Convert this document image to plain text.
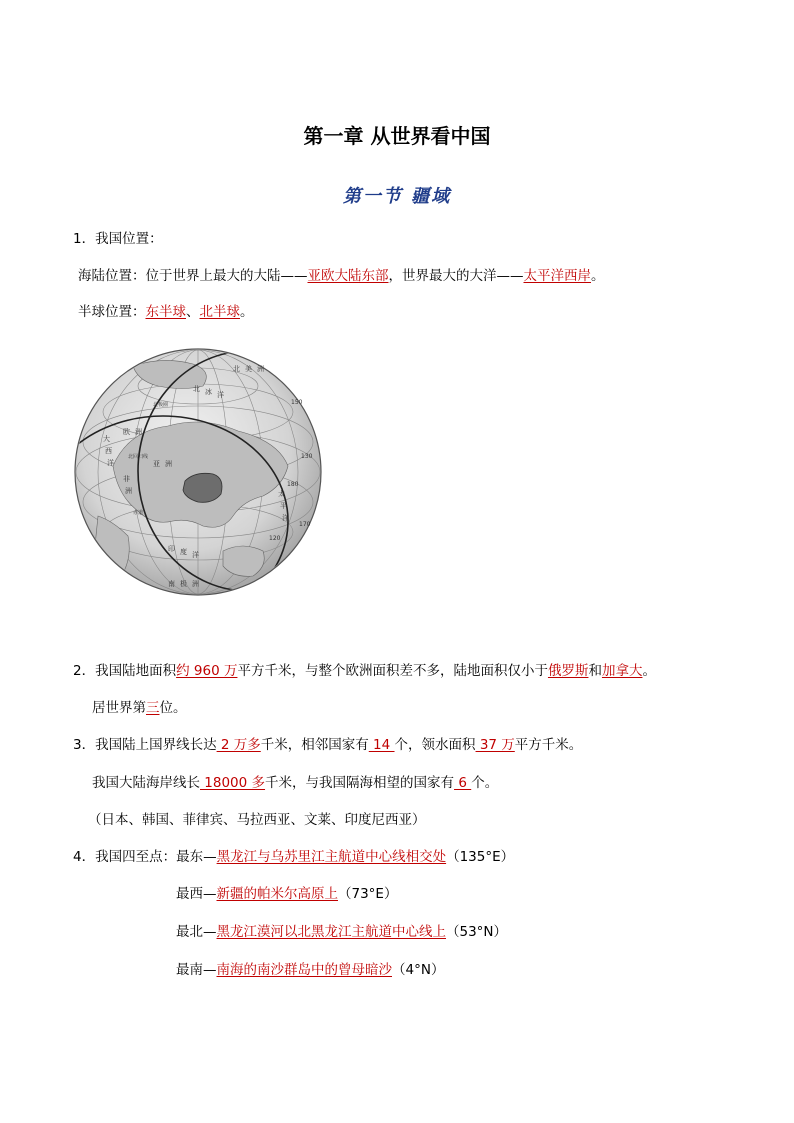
第一章 从世界看中国
第一节 疆域
1．我国位置：
海陆位置：位于世界上最大的大陆——亚欧大陆东部，世界最大的大洋——太平洋西岸。
半球位置：东半球、北半球。
北 冰 洋
太
平
洋
印 度 洋
大
西
洋
非
洲
亚 洲
欧 洲
北 美 洲
南 极 洲
北回归线
北极圈
赤道
150
130
170
120
180
2．我国陆地面积约 960 万平方千米，与整个欧洲面积差不多，陆地面积仅小于俄罗斯和加拿大。
居世界第三位。
3．我国陆上国界线长达 2 万多千米，相邻国家有 14 个，领水面积 37 万平方千米。
我国大陆海岸线长 18000 多千米，与我国隔海相望的国家有 6 个。
（日本、韩国、菲律宾、马拉西亚、文莱、印度尼西亚）
4．我国四至点：最东—黑龙江与乌苏里江主航道中心线相交处（135°E）
最西—新疆的帕米尔高原上（73°E）
最北—黑龙江漠河以北黑龙江主航道中心线上（53°N）
最南—南海的南沙群岛中的曾母暗沙（4°N）
